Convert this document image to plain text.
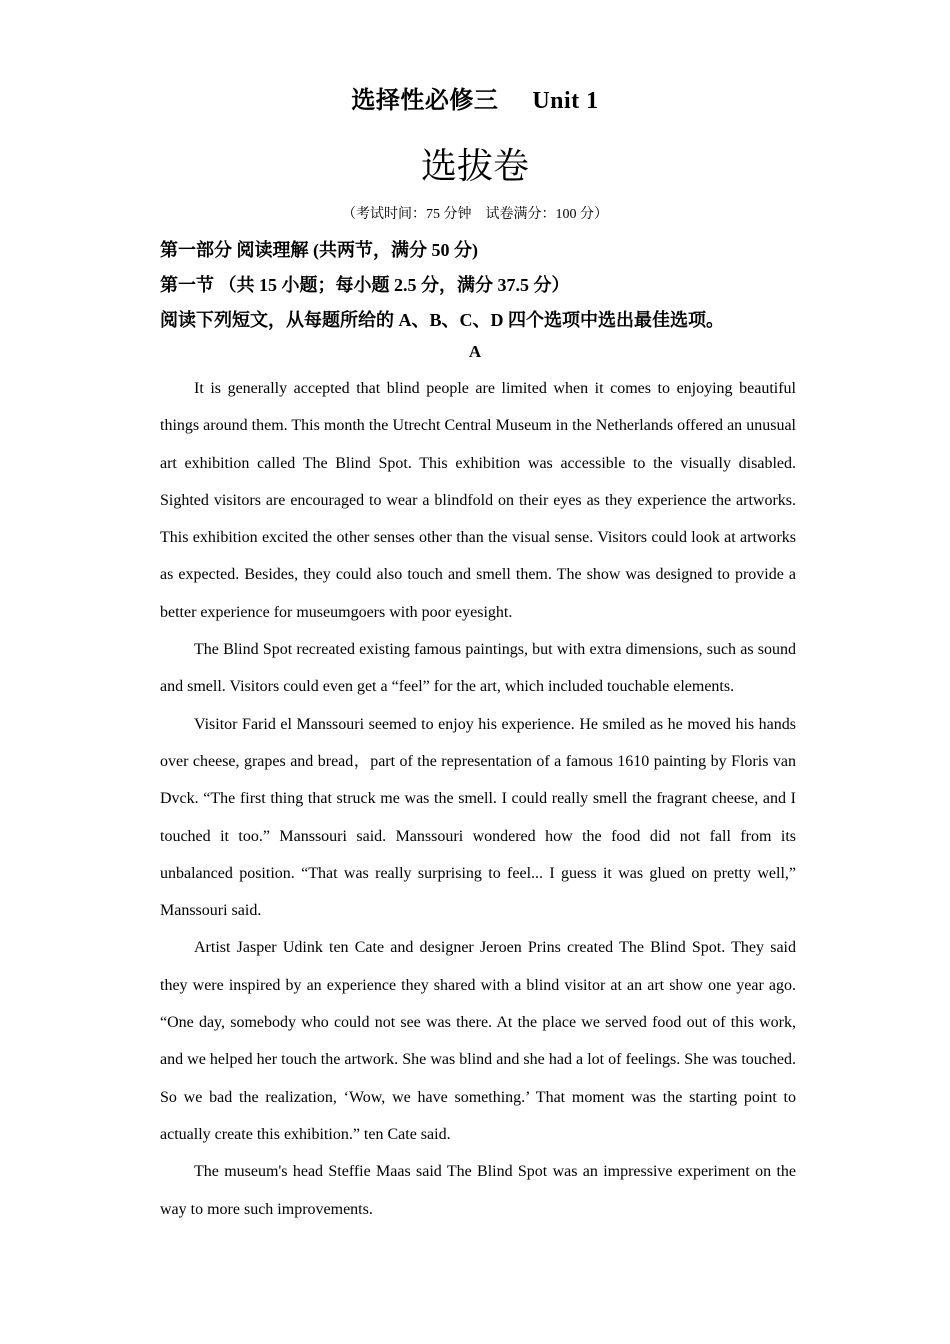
选择性必修三 Unit 1
选拔卷
（考试时间：75 分钟 试卷满分：100 分）
第一部分 阅读理解 (共两节，满分 50 分)
第一节 （共 15 小题；每小题 2.5 分，满分 37.5 分）
阅读下列短文，从每题所给的 A、B、C、D 四个选项中选出最佳选项。
A

It is generally accepted that blind people are limited when it comes to enjoying beautiful things around them. This month the Utrecht Central Museum in the Netherlands offered an unusual art exhibition called The Blind Spot. This exhibition was accessible to the visually disabled. Sighted visitors are encouraged to wear a blindfold on their eyes as they experience the artworks. This exhibition excited the other senses other than the visual sense. Visitors could look at artworks as expected. Besides, they could also touch and smell them. The show was designed to provide a better experience for museumgoers with poor eyesight.

The Blind Spot recreated existing famous paintings, but with extra dimensions, such as sound and smell. Visitors could even get a “feel” for the art, which included touchable elements.

Visitor Farid el Manssouri seemed to enjoy his experience. He smiled as he moved his hands over cheese, grapes and bread，part of the representation of a famous 1610 painting by Floris van Dvck. “The first thing that struck me was the smell. I could really smell the fragrant cheese, and I touched it too.” Manssouri said. Manssouri wondered how the food did not fall from its unbalanced position. “That was really surprising to feel... I guess it was glued on pretty well,” Manssouri said.

Artist Jasper Udink ten Cate and designer Jeroen Prins created The Blind Spot. They said they were inspired by an experience they shared with a blind visitor at an art show one year ago. “One day, somebody who could not see was there. At the place we served food out of this work, and we helped her touch the artwork. She was blind and she had a lot of feelings. She was touched. So we bad the realization, ‘Wow, we have something.’ That moment was the starting point to actually create this exhibition.” ten Cate said.

The museum's head Steffie Maas said The Blind Spot was an impressive experiment on the way to more such improvements.
